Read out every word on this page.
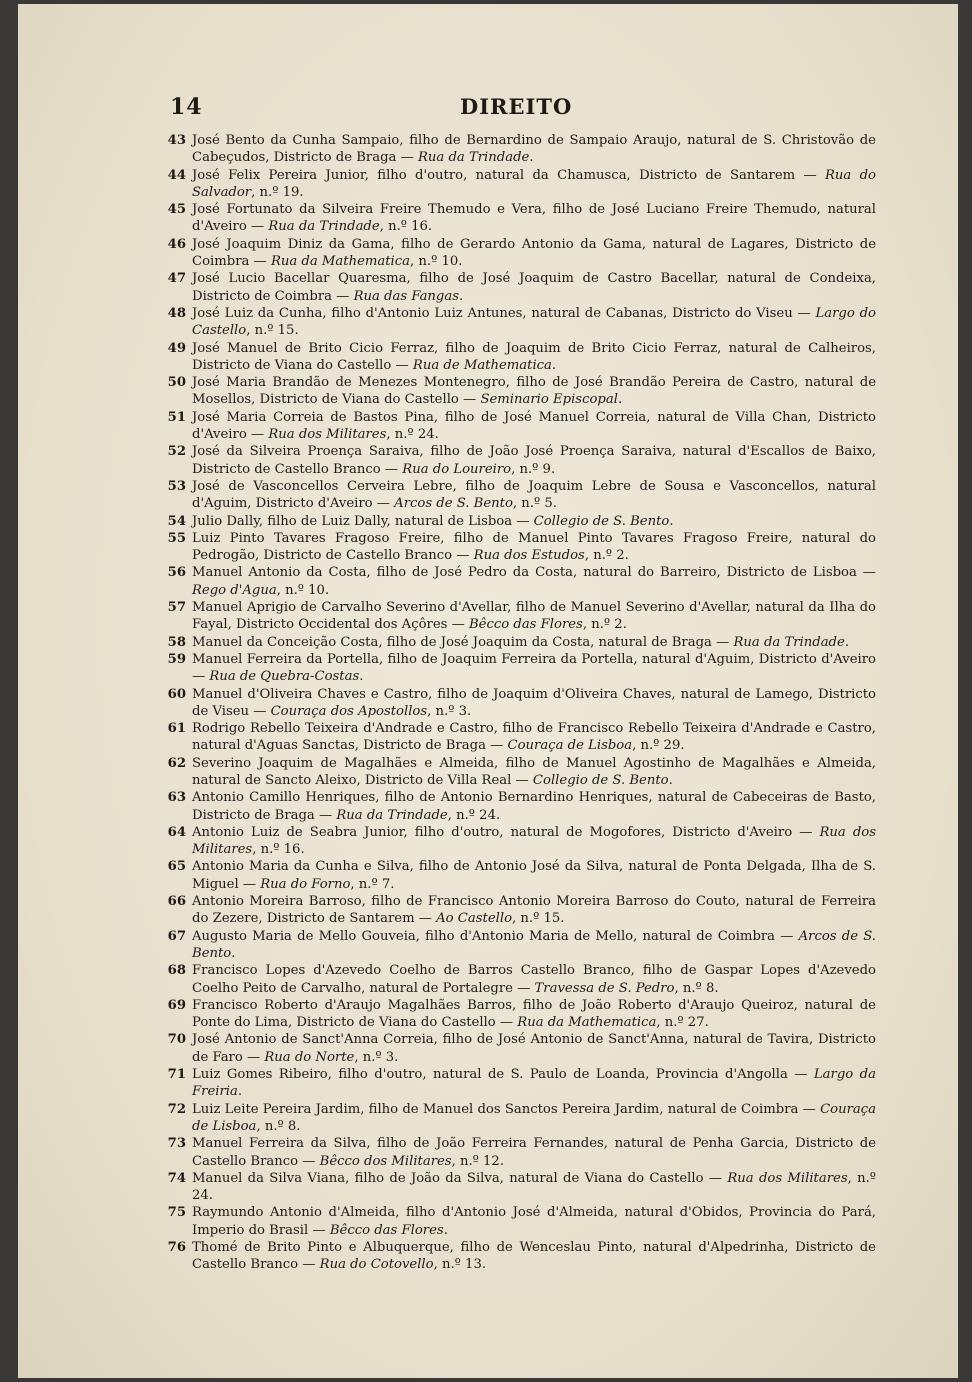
14	DIREITO
43 José Bento da Cunha Sampaio, filho de Bernardino de Sampaio Araujo, natural de S. Christovão de Cabeçudos, Districto de Braga — Rua da Trindade.
44 José Felix Pereira Junior, filho d'outro, natural da Chamusca, Districto de Santarem — Rua do Salvador, n.º 19.
45 José Fortunato da Silveira Freire Themudo e Vera, filho de José Luciano Freire Themudo, natural d'Aveiro — Rua da Trindade, n.º 16.
46 José Joaquim Diniz da Gama, filho de Gerardo Antonio da Gama, natural de Lagares, Districto de Coimbra — Rua da Mathematica, n.º 10.
47 José Lucio Bacellar Quaresma, filho de José Joaquim de Castro Bacellar, natural de Condeixa, Districto de Coimbra — Rua das Fangas.
48 José Luiz da Cunha, filho d'Antonio Luiz Antunes, natural de Cabanas, Districto do Viseu — Largo do Castello, n.º 15.
49 José Manuel de Brito Cicio Ferraz, filho de Joaquim de Brito Cicio Ferraz, natural de Calheiros, Districto de Viana do Castello — Rua de Mathematica.
50 José Maria Brandão de Menezes Montenegro, filho de José Brandão Pereira de Castro, natural de Mosellos, Districto de Viana do Castello — Seminario Episcopal.
51 José Maria Correia de Bastos Pina, filho de José Manuel Correia, natural de Villa Chan, Districto d'Aveiro — Rua dos Militares, n.º 24.
52 José da Silveira Proença Saraiva, filho de João José Proença Saraiva, natural d'Escallos de Baixo, Districto de Castello Branco — Rua do Loureiro, n.º 9.
53 José de Vasconcellos Cerveira Lebre, filho de Joaquim Lebre de Sousa e Vasconcellos, natural d'Aguim, Districto d'Aveiro — Arcos de S. Bento, n.º 5.
54 Julio Dally, filho de Luiz Dally, natural de Lisboa — Collegio de S. Bento.
55 Luiz Pinto Tavares Fragoso Freire, filho de Manuel Pinto Tavares Fragoso Freire, natural do Pedrogão, Districto de Castello Branco — Rua dos Estudos, n.º 2.
56 Manuel Antonio da Costa, filho de José Pedro da Costa, natural do Barreiro, Districto de Lisboa — Rego d'Agua, n.º 10.
57 Manuel Aprigio de Carvalho Severino d'Avellar, filho de Manuel Severino d'Avellar, natural da Ilha do Fayal, Districto Occidental dos Açôres — Bêcco das Flores, n.º 2.
58 Manuel da Conceição Costa, filho de José Joaquim da Costa, natural de Braga — Rua da Trindade.
59 Manuel Ferreira da Portella, filho de Joaquim Ferreira da Portella, natural d'Aguim, Districto d'Aveiro — Rua de Quebra-Costas.
60 Manuel d'Oliveira Chaves e Castro, filho de Joaquim d'Oliveira Chaves, natural de Lamego, Districto de Viseu — Couraça dos Apostollos, n.º 3.
61 Rodrigo Rebello Teixeira d'Andrade e Castro, filho de Francisco Rebello Teixeira d'Andrade e Castro, natural d'Aguas Sanctas, Districto de Braga — Couraça de Lisboa, n.º 29.
62 Severino Joaquim de Magalhães e Almeida, filho de Manuel Agostinho de Magalhães e Almeida, natural de Sancto Aleixo, Districto de Villa Real — Collegio de S. Bento.
63 Antonio Camillo Henriques, filho de Antonio Bernardino Henriques, natural de Cabeceiras de Basto, Districto de Braga — Rua da Trindade, n.º 24.
64 Antonio Luiz de Seabra Junior, filho d'outro, natural de Mogofores, Districto d'Aveiro — Rua dos Militares, n.º 16.
65 Antonio Maria da Cunha e Silva, filho de Antonio José da Silva, natural de Ponta Delgada, Ilha de S. Miguel — Rua do Forno, n.º 7.
66 Antonio Moreira Barroso, filho de Francisco Antonio Moreira Barroso do Couto, natural de Ferreira do Zezere, Districto de Santarem — Ao Castello, n.º 15.
67 Augusto Maria de Mello Gouveia, filho d'Antonio Maria de Mello, natural de Coimbra — Arcos de S. Bento.
68 Francisco Lopes d'Azevedo Coelho de Barros Castello Branco, filho de Gaspar Lopes d'Azevedo Coelho Peito de Carvalho, natural de Portalegre — Travessa de S. Pedro, n.º 8.
69 Francisco Roberto d'Araujo Magalhães Barros, filho de João Roberto d'Araujo Queiroz, natural de Ponte do Lima, Districto de Viana do Castello — Rua da Mathematica, n.º 27.
70 José Antonio de Sanct'Anna Correia, filho de José Antonio de Sanct'Anna, natural de Tavira, Districto de Faro — Rua do Norte, n.º 3.
71 Luiz Gomes Ribeiro, filho d'outro, natural de S. Paulo de Loanda, Provincia d'Angolla — Largo da Freiria.
72 Luiz Leite Pereira Jardim, filho de Manuel dos Sanctos Pereira Jardim, natural de Coimbra — Couraça de Lisboa, n.º 8.
73 Manuel Ferreira da Silva, filho de João Ferreira Fernandes, natural de Penha Garcia, Districto de Castello Branco — Bêcco dos Militares, n.º 12.
74 Manuel da Silva Viana, filho de João da Silva, natural de Viana do Castello — Rua dos Militares, n.º 24.
75 Raymundo Antonio d'Almeida, filho d'Antonio José d'Almeida, natural d'Obidos, Provincia do Pará, Imperio do Brasil — Bêcco das Flores.
76 Thomé de Brito Pinto e Albuquerque, filho de Wenceslau Pinto, natural d'Alpedrinha, Districto de Castello Branco — Rua do Cotovello, n.º 13.
